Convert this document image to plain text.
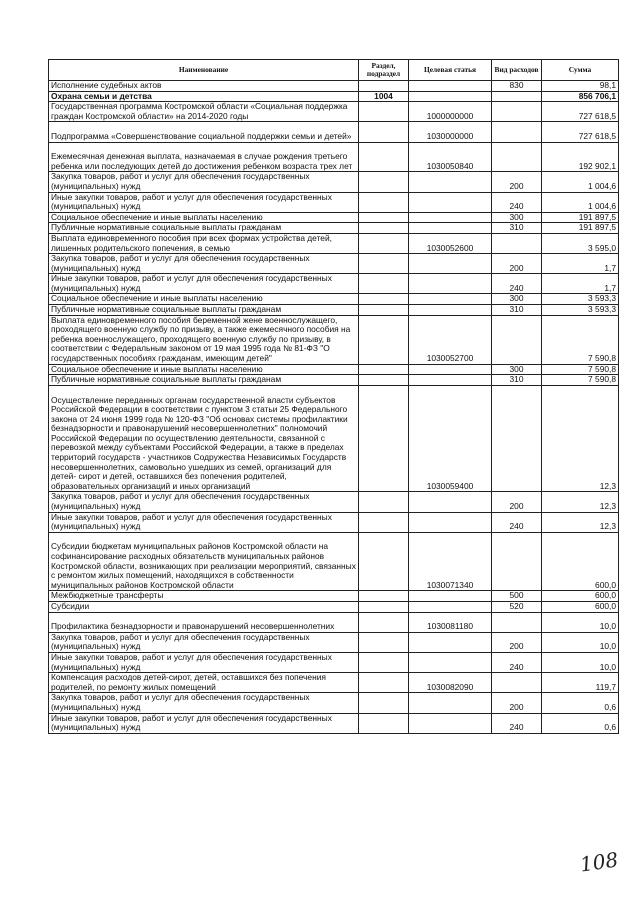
Наименование	Раздел, подраздел	Целевая статья	Вид расходов	Сумма
Исполнение судебных актов			830	98,1
Охрана семьи и детства	1004			856 706,1
Государственная программа Костромской области «Социальная поддержка граждан Костромской области» на 2014-2020 годы		1000000000		727 618,5
Подпрограмма «Совершенствование социальной поддержки семьи и детей»		1030000000		727 618,5
Ежемесячная денежная выплата, назначаемая в случае рождения третьего ребенка или последующих детей до достижения ребенком возраста трех лет		1030050840		192 902,1
Закупка товаров, работ и услуг для обеспечения государственных (муниципальных) нужд			200	1 004,6
Иные закупки товаров, работ и услуг для обеспечения государственных (муниципальных) нужд			240	1 004,6
Социальное обеспечение и иные выплаты населению			300	191 897,5
Публичные нормативные социальные выплаты гражданам			310	191 897,5
Выплата единовременного пособия при всех формах устройства детей, лишенных родительского попечения, в семью		1030052600		3 595,0
Закупка товаров, работ и услуг для обеспечения государственных (муниципальных) нужд			200	1,7
Иные закупки товаров, работ и услуг для обеспечения государственных (муниципальных) нужд			240	1,7
Социальное обеспечение и иные выплаты населению			300	3 593,3
Публичные нормативные социальные выплаты гражданам			310	3 593,3
Выплата единовременного пособия беременной жене военнослужащего, проходящего военную службу по призыву, а также ежемесячного пособия на ребенка военнослужащего, проходящего военную службу по призыву, в соответствии с Федеральным законом от 19 мая 1995 года № 81-ФЗ "О государственных пособиях гражданам, имеющим детей"		1030052700		7 590,8
Социальное обеспечение и иные выплаты населению			300	7 590,8
Публичные нормативные социальные выплаты гражданам			310	7 590,8
Осуществление переданных органам государственной власти субъектов Российской Федерации в соответствии с пунктом 3 статьи 25 Федерального закона от 24 июня 1999 года № 120-ФЗ "Об основах системы профилактики безнадзорности и правонарушений несовершеннолетних" полномочий Российской Федерации по осуществлению деятельности, связанной с перевозкой между субъектами Российской Федерации, а также в пределах территорий государств - участников Содружества Независимых Государств несовершеннолетних, самовольно ушедших из семей, организаций для детей- сирот и детей, оставшихся без попечения родителей, образовательных организаций и иных организаций		1030059400		12,3
Закупка товаров, работ и услуг для обеспечения государственных (муниципальных) нужд			200	12,3
Иные закупки товаров, работ и услуг для обеспечения государственных (муниципальных) нужд			240	12,3
Субсидии бюджетам муниципальных районов Костромской области на софинансирование расходных обязательств муниципальных районов Костромской области, возникающих при реализации мероприятий, связанных с ремонтом жилых помещений, находящихся в собственности муниципальных районов Костромской области		1030071340		600,0
Межбюджетные трансферты			500	600,0
Субсидии			520	600,0
Профилактика безнадзорности и правонарушений несовершеннолетних		1030081180		10,0
Закупка товаров, работ и услуг для обеспечения государственных (муниципальных) нужд			200	10,0
Иные закупки товаров, работ и услуг для обеспечения государственных (муниципальных) нужд			240	10,0
Компенсация расходов детей-сирот, детей, оставшихся без попечения родителей, по ремонту жилых помещений		1030082090		119,7
Закупка товаров, работ и услуг для обеспечения государственных (муниципальных) нужд			200	0,6
Иные закупки товаров, работ и услуг для обеспечения государственных (муниципальных) нужд			240	0,6
108
